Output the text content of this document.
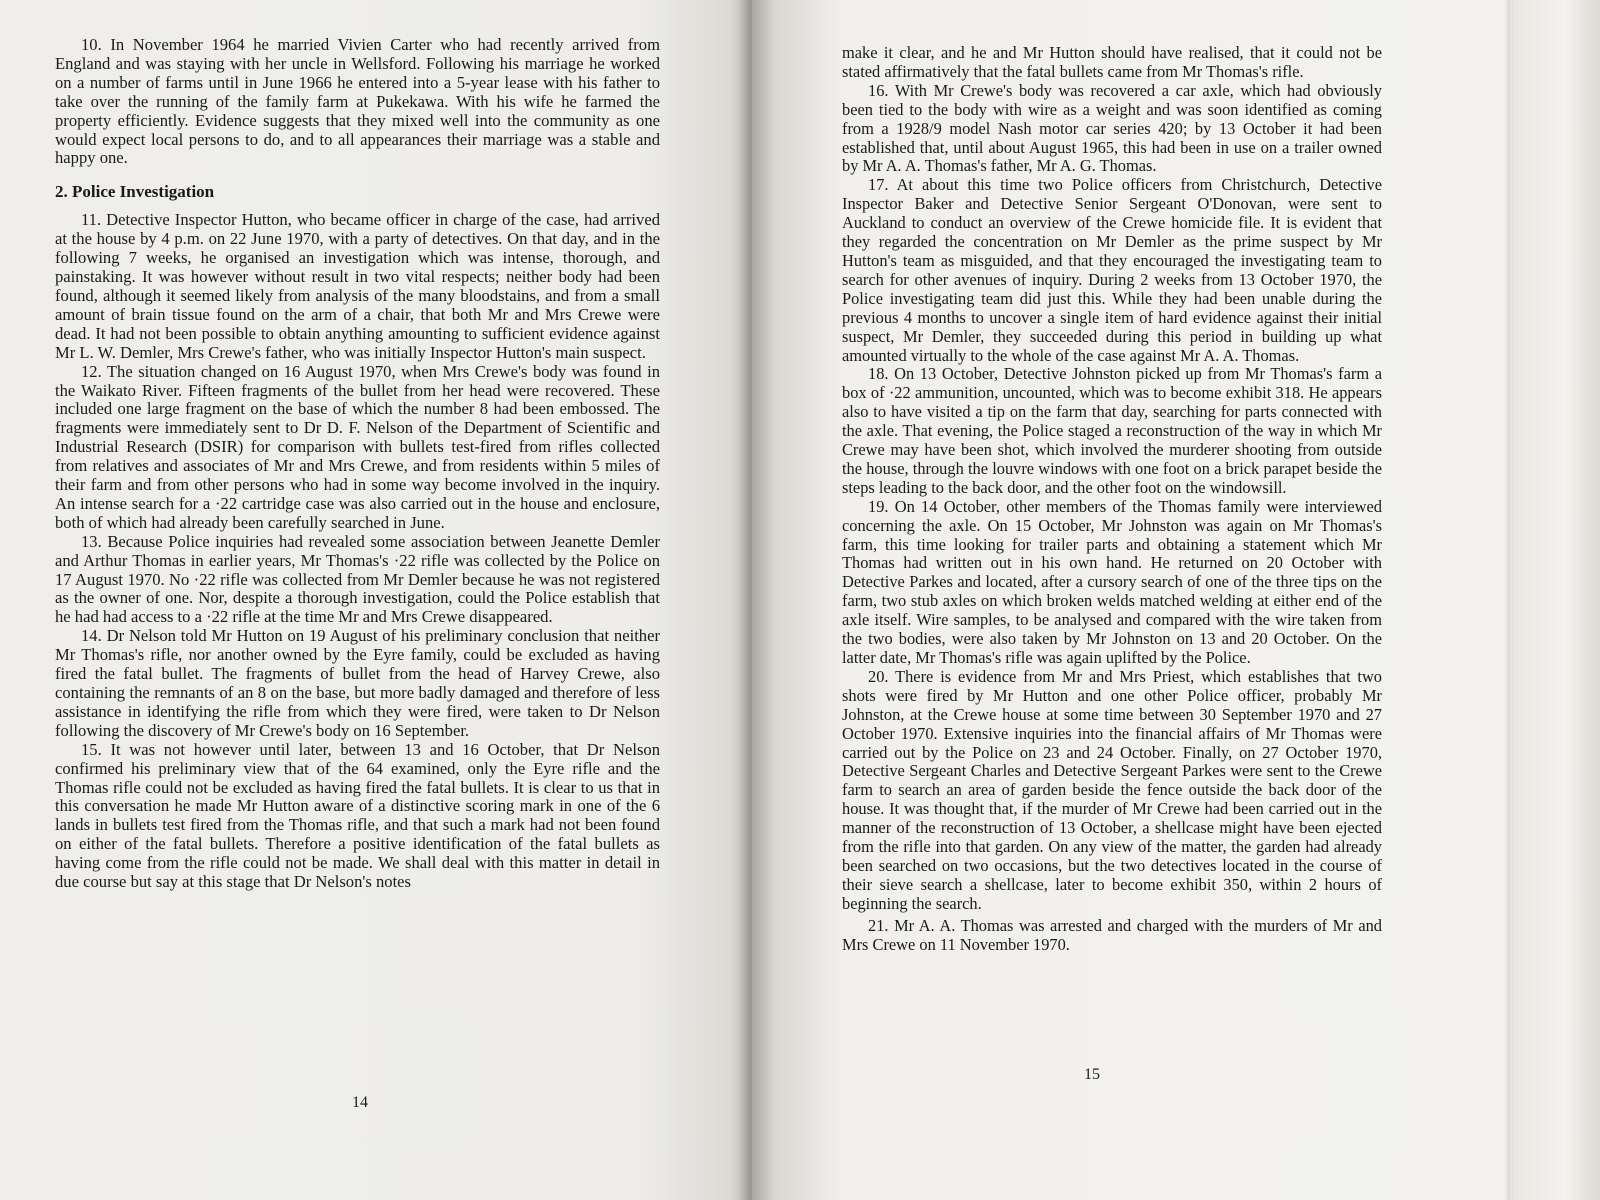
10. In November 1964 he married Vivien Carter who had recently arrived from England and was staying with her uncle in Wellsford. Following his marriage he worked on a number of farms until in June 1966 he entered into a 5-year lease with his father to take over the running of the family farm at Pukekawa. With his wife he farmed the property efficiently. Evidence suggests that they mixed well into the community as one would expect local persons to do, and to all appearances their marriage was a stable and happy one.

2. Police Investigation

11. Detective Inspector Hutton, who became officer in charge of the case, had arrived at the house by 4 p.m. on 22 June 1970, with a party of detectives. On that day, and in the following 7 weeks, he organised an investigation which was intense, thorough, and painstaking. It was however without result in two vital respects; neither body had been found, although it seemed likely from analysis of the many bloodstains, and from a small amount of brain tissue found on the arm of a chair, that both Mr and Mrs Crewe were dead. It had not been possible to obtain anything amounting to sufficient evidence against Mr L. W. Demler, Mrs Crewe's father, who was initially Inspector Hutton's main suspect.

12. The situation changed on 16 August 1970, when Mrs Crewe's body was found in the Waikato River. Fifteen fragments of the bullet from her head were recovered. These included one large fragment on the base of which the number 8 had been embossed. The fragments were immediately sent to Dr D. F. Nelson of the Department of Scientific and Industrial Research (DSIR) for comparison with bullets test-fired from rifles collected from relatives and associates of Mr and Mrs Crewe, and from residents within 5 miles of their farm and from other persons who had in some way become involved in the inquiry. An intense search for a ·22 cartridge case was also carried out in the house and enclosure, both of which had already been carefully searched in June.

13. Because Police inquiries had revealed some association between Jeanette Demler and Arthur Thomas in earlier years, Mr Thomas's ·22 rifle was collected by the Police on 17 August 1970. No ·22 rifle was collected from Mr Demler because he was not registered as the owner of one. Nor, despite a thorough investigation, could the Police establish that he had had access to a ·22 rifle at the time Mr and Mrs Crewe disappeared.

14. Dr Nelson told Mr Hutton on 19 August of his preliminary conclusion that neither Mr Thomas's rifle, nor another owned by the Eyre family, could be excluded as having fired the fatal bullet. The fragments of bullet from the head of Harvey Crewe, also containing the remnants of an 8 on the base, but more badly damaged and therefore of less assistance in identifying the rifle from which they were fired, were taken to Dr Nelson following the discovery of Mr Crewe's body on 16 September.

15. It was not however until later, between 13 and 16 October, that Dr Nelson confirmed his preliminary view that of the 64 examined, only the Eyre rifle and the Thomas rifle could not be excluded as having fired the fatal bullets. It is clear to us that in this conversation he made Mr Hutton aware of a distinctive scoring mark in one of the 6 lands in bullets test fired from the Thomas rifle, and that such a mark had not been found on either of the fatal bullets. Therefore a positive identification of the fatal bullets as having come from the rifle could not be made. We shall deal with this matter in detail in due course but say at this stage that Dr Nelson's notes

14

make it clear, and he and Mr Hutton should have realised, that it could not be stated affirmatively that the fatal bullets came from Mr Thomas's rifle.

16. With Mr Crewe's body was recovered a car axle, which had obviously been tied to the body with wire as a weight and was soon identified as coming from a 1928/9 model Nash motor car series 420; by 13 October it had been established that, until about August 1965, this had been in use on a trailer owned by Mr A. A. Thomas's father, Mr A. G. Thomas.

17. At about this time two Police officers from Christchurch, Detective Inspector Baker and Detective Senior Sergeant O'Donovan, were sent to Auckland to conduct an overview of the Crewe homicide file. It is evident that they regarded the concentration on Mr Demler as the prime suspect by Mr Hutton's team as misguided, and that they encouraged the investigating team to search for other avenues of inquiry. During 2 weeks from 13 October 1970, the Police investigating team did just this. While they had been unable during the previous 4 months to uncover a single item of hard evidence against their initial suspect, Mr Demler, they succeeded during this period in building up what amounted virtually to the whole of the case against Mr A. A. Thomas.

18. On 13 October, Detective Johnston picked up from Mr Thomas's farm a box of ·22 ammunition, uncounted, which was to become exhibit 318. He appears also to have visited a tip on the farm that day, searching for parts connected with the axle. That evening, the Police staged a reconstruction of the way in which Mr Crewe may have been shot, which involved the murderer shooting from outside the house, through the louvre windows with one foot on a brick parapet beside the steps leading to the back door, and the other foot on the windowsill.

19. On 14 October, other members of the Thomas family were interviewed concerning the axle. On 15 October, Mr Johnston was again on Mr Thomas's farm, this time looking for trailer parts and obtaining a statement which Mr Thomas had written out in his own hand. He returned on 20 October with Detective Parkes and located, after a cursory search of one of the three tips on the farm, two stub axles on which broken welds matched welding at either end of the axle itself. Wire samples, to be analysed and compared with the wire taken from the two bodies, were also taken by Mr Johnston on 13 and 20 October. On the latter date, Mr Thomas's rifle was again uplifted by the Police.

20. There is evidence from Mr and Mrs Priest, which establishes that two shots were fired by Mr Hutton and one other Police officer, probably Mr Johnston, at the Crewe house at some time between 30 September 1970 and 27 October 1970. Extensive inquiries into the financial affairs of Mr Thomas were carried out by the Police on 23 and 24 October. Finally, on 27 October 1970, Detective Sergeant Charles and Detective Sergeant Parkes were sent to the Crewe farm to search an area of garden beside the fence outside the back door of the house. It was thought that, if the murder of Mr Crewe had been carried out in the manner of the reconstruction of 13 October, a shellcase might have been ejected from the rifle into that garden. On any view of the matter, the garden had already been searched on two occasions, but the two detectives located in the course of their sieve search a shellcase, later to become exhibit 350, within 2 hours of beginning the search.

21. Mr A. A. Thomas was arrested and charged with the murders of Mr and Mrs Crewe on 11 November 1970.

15
